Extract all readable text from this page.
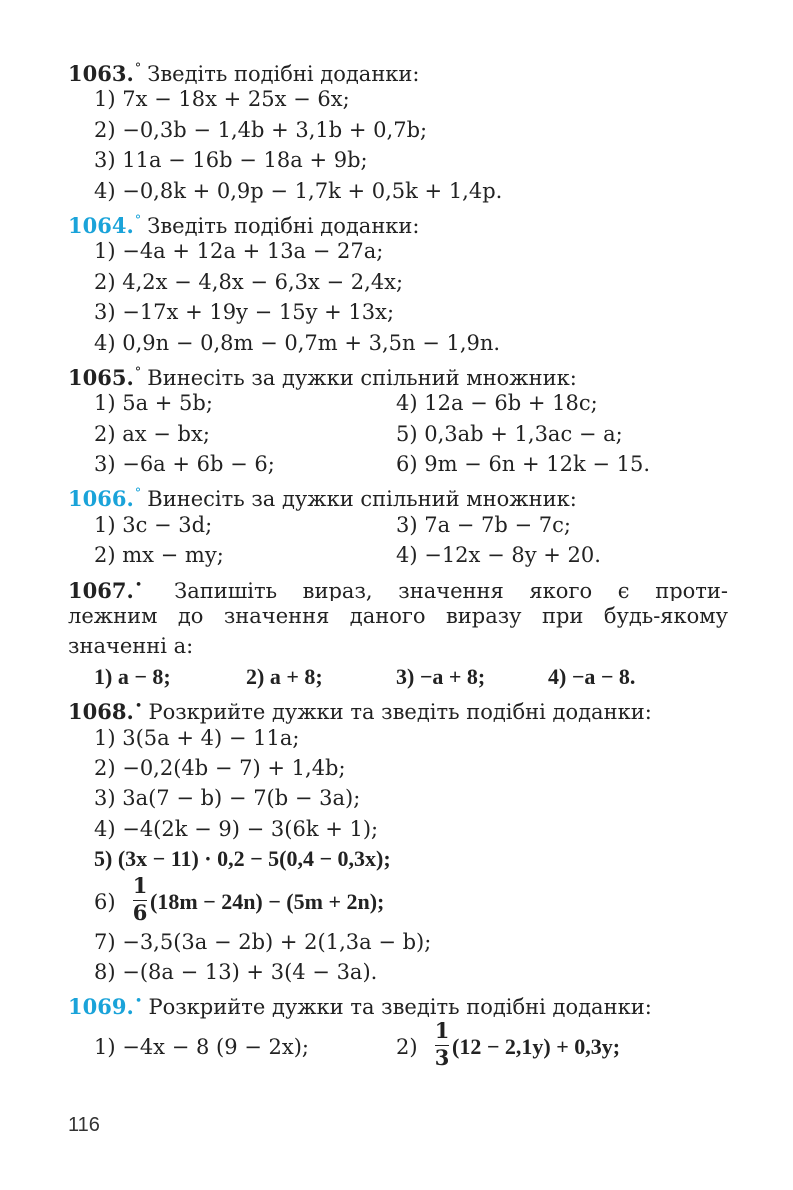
1063.° Зведіть подібні доданки:
1) 7x − 18x + 25x − 6x;
2) −0,3b − 1,4b + 3,1b + 0,7b;
3) 11a − 16b − 18a + 9b;
4) −0,8k + 0,9p − 1,7k + 0,5k + 1,4p.
1064.° Зведіть подібні доданки:
1) −4a + 12a + 13a − 27a;
2) 4,2x − 4,8x − 6,3x − 2,4x;
3) −17x + 19y − 15y + 13x;
4) 0,9n − 0,8m − 0,7m + 3,5n − 1,9n.
1065.° Винесіть за дужки спільний множник:
1) 5a + 5b;	4) 12a − 6b + 18c;
2) ax − bx;	5) 0,3ab + 1,3ac − a;
3) −6a + 6b − 6;	6) 9m − 6n + 12k − 15.
1066.° Винесіть за дужки спільний множник:
1) 3c − 3d;	3) 7a − 7b − 7c;
2) mx − my;	4) −12x − 8y + 20.
1067.• Запишіть вираз, значення якого є проти-
лежним до значення даного виразу при будь-якому
значенні a:
1) a − 8;	2) a + 8;	3) −a + 8;	4) −a − 8.
1068.• Розкрийте дужки та зведіть подібні доданки:
1) 3(5a + 4) − 11a;
2) −0,2(4b − 7) + 1,4b;
3) 3a(7 − b) − 7(b − 3a);
4) −4(2k − 9) − 3(6k + 1);
5) (3x − 11) · 0,2 − 5(0,4 − 0,3x);
6)
1
6 (18m − 24n) − (5m + 2n);
7) −3,5(3a − 2b) + 2(1,3a − b);
8) −(8a − 13) + 3(4 − 3a).
1069.• Розкрийте дужки та зведіть подібні доданки:
1) −4x − 8 (9 − 2x);	2)
1
3 (12 − 2,1y) + 0,3y;
116
